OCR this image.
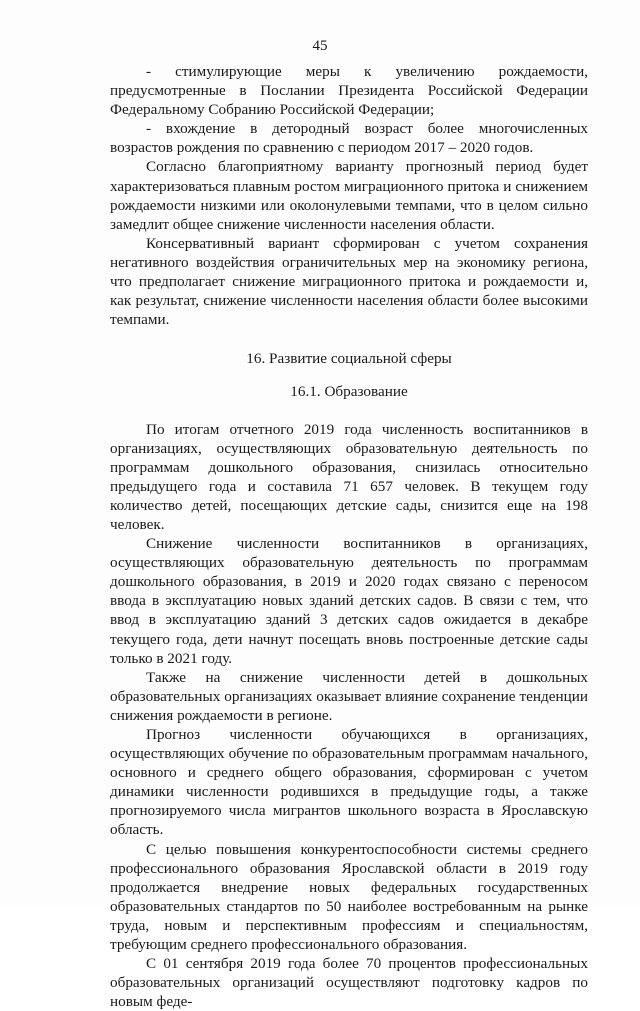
45

- стимулирующие меры к увеличению рождаемости, предусмотренные в Послании Президента Российской Федерации Федеральному Собранию Российской Федерации;

- вхождение в детородный возраст более многочисленных возрастов рождения по сравнению с периодом 2017 – 2020 годов.

Согласно благоприятному варианту прогнозный период будет характеризоваться плавным ростом миграционного притока и снижением рождаемости низкими или околонулевыми темпами, что в целом сильно замедлит общее снижение численности населения области.

Консервативный вариант сформирован с учетом сохранения негативного воздействия ограничительных мер на экономику региона, что предполагает снижение миграционного притока и рождаемости и, как результат, снижение численности населения области более высокими темпами.

16. Развитие социальной сферы
16.1. Образование

По итогам отчетного 2019 года численность воспитанников в организациях, осуществляющих образовательную деятельность по программам дошкольного образования, снизилась относительно предыдущего года и составила 71 657 человек. В текущем году количество детей, посещающих детские сады, снизится еще на 198 человек.

Снижение численности воспитанников в организациях, осуществляющих образовательную деятельность по программам дошкольного образования, в 2019 и 2020 годах связано с переносом ввода в эксплуатацию новых зданий детских садов. В связи с тем, что ввод в эксплуатацию зданий 3 детских садов ожидается в декабре текущего года, дети начнут посещать вновь построенные детские сады только в 2021 году.

Также на снижение численности детей в дошкольных образовательных организациях оказывает влияние сохранение тенденции снижения рождаемости в регионе.

Прогноз численности обучающихся в организациях, осуществляющих обучение по образовательным программам начального, основного и среднего общего образования, сформирован с учетом динамики численности родившихся в предыдущие годы, а также прогнозируемого числа мигрантов школьного возраста в Ярославскую область.

С целью повышения конкурентоспособности системы среднего профессионального образования Ярославской области в 2019 году продолжается внедрение новых федеральных государственных образовательных стандартов по 50 наиболее востребованным на рынке труда, новым и перспективным профессиям и специальностям, требующим среднего профессионального образования.

С 01 сентября 2019 года более 70 процентов профессиональных образовательных организаций осуществляют подготовку кадров по новым феде-
